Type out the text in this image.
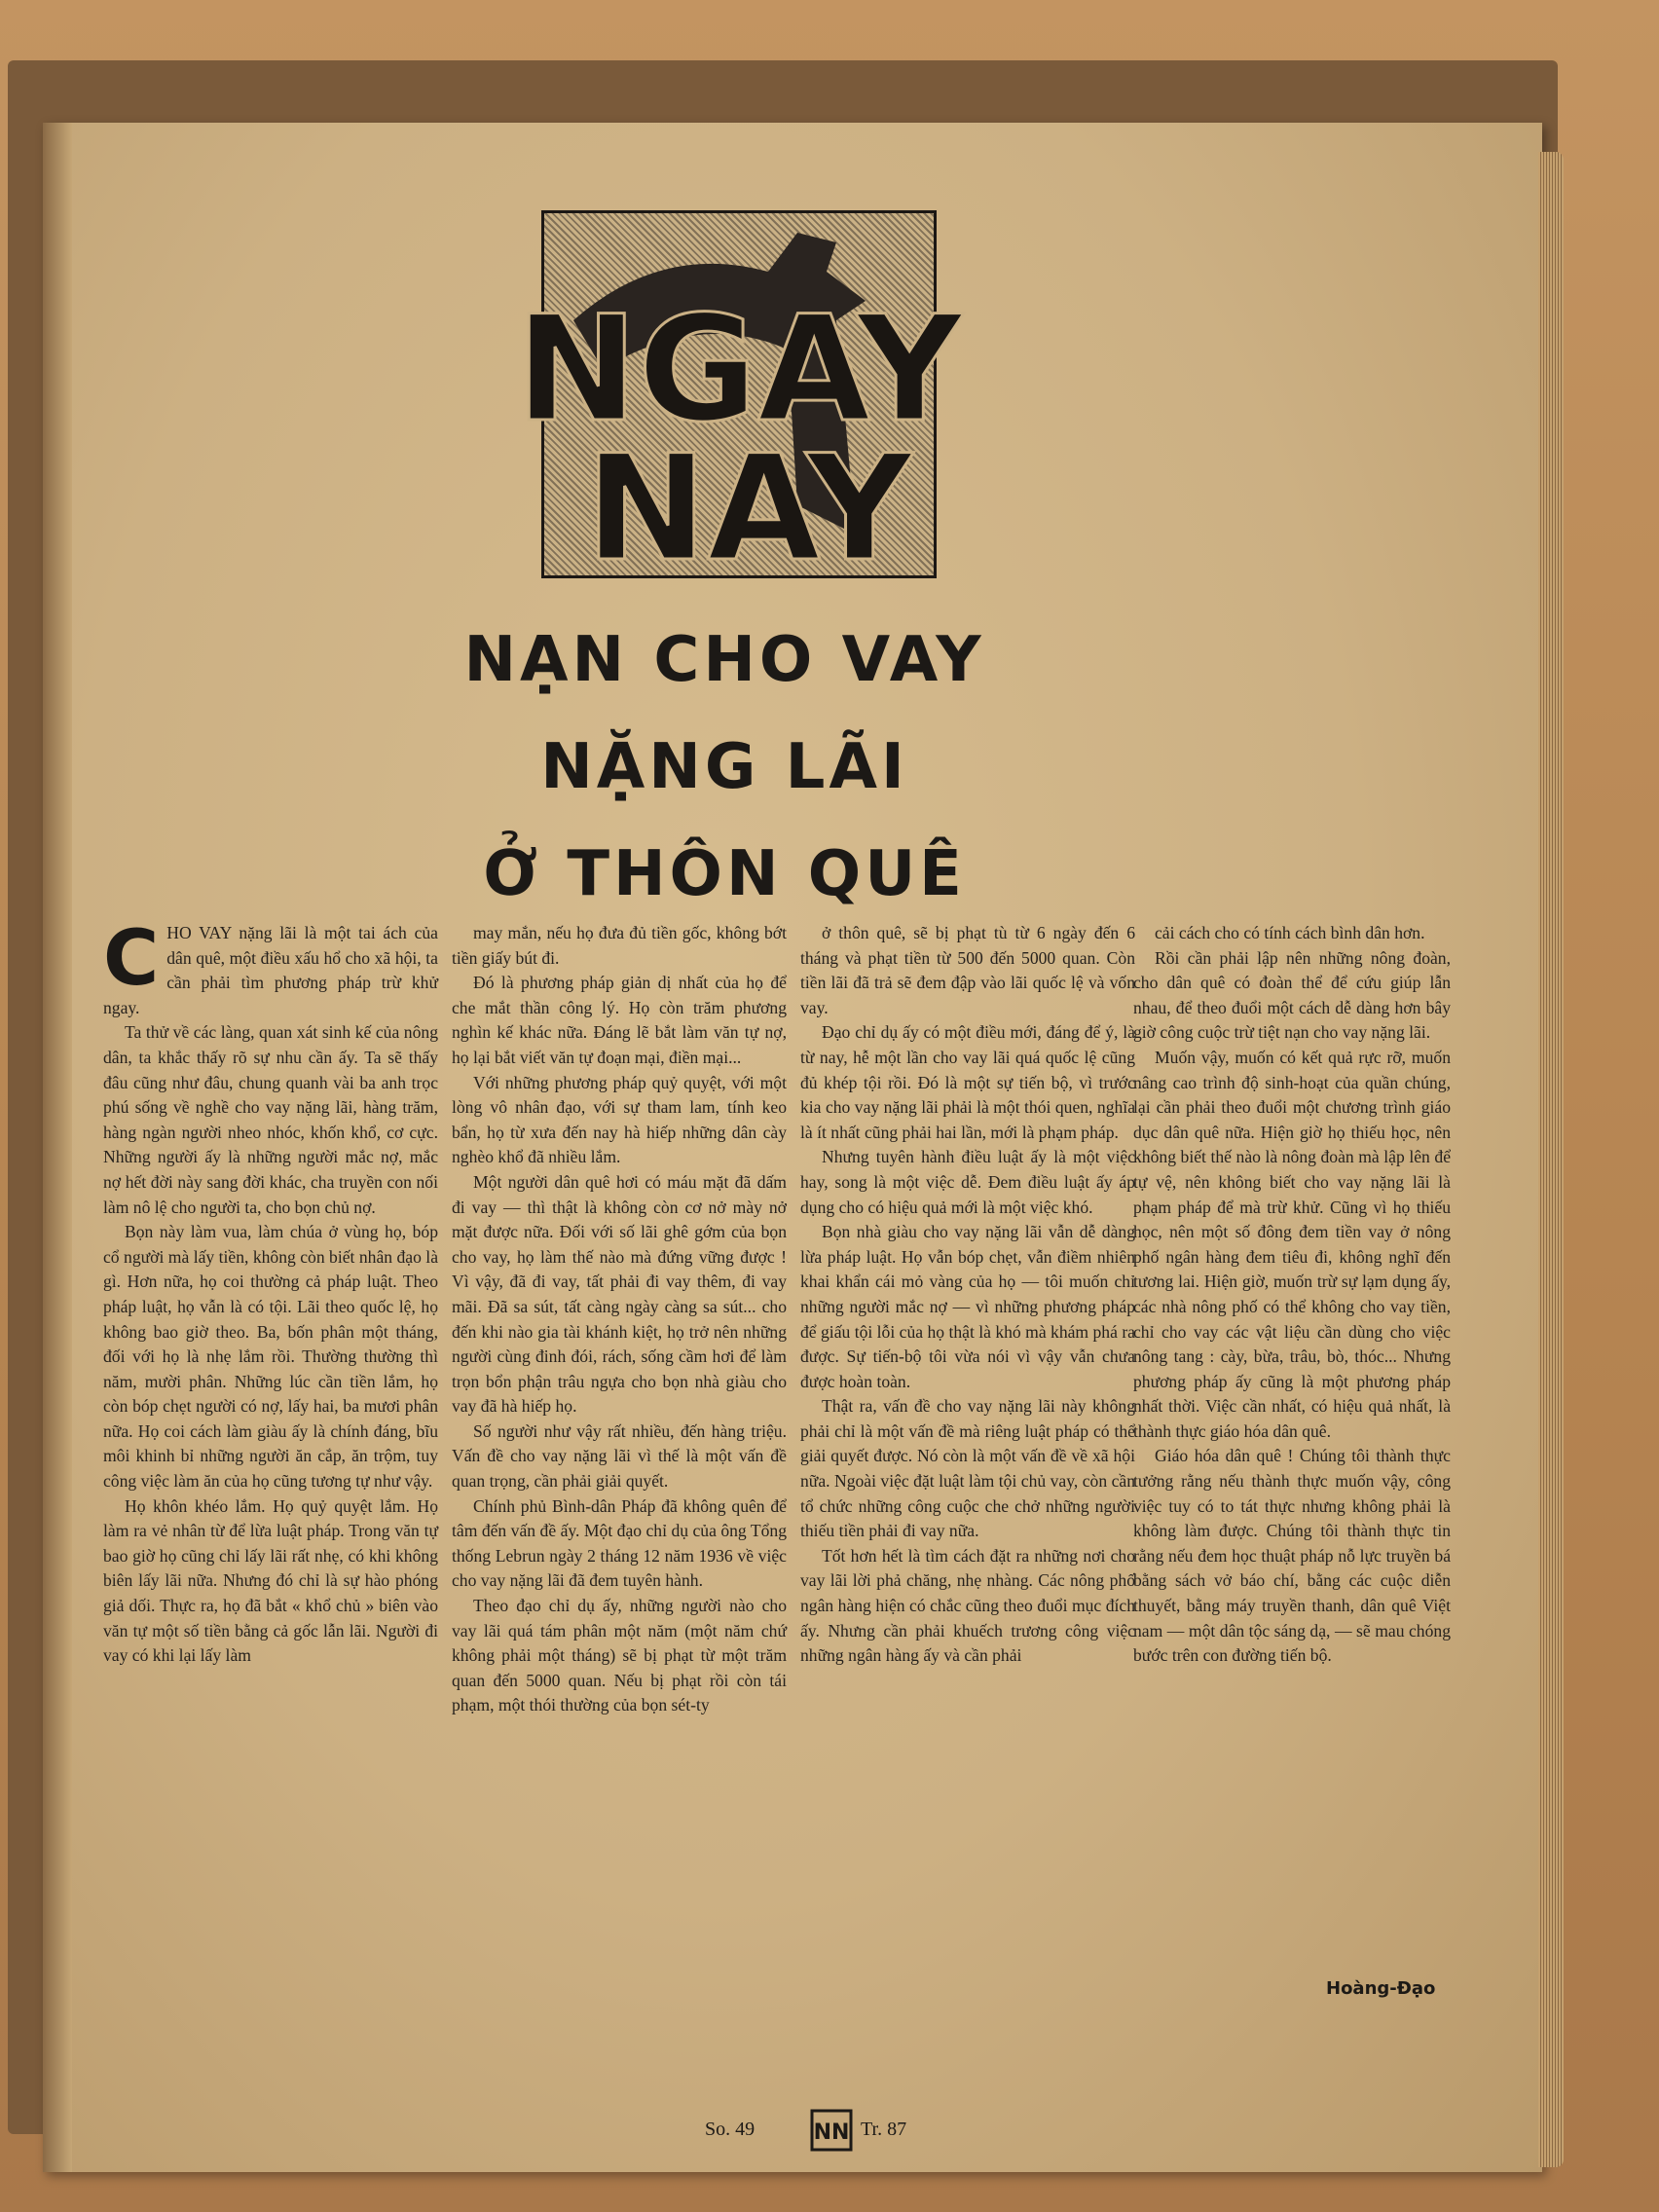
NGAY
NAY
NẠN CHO VAY
NẶNG LÃI
Ở THÔN QUÊ
C HO VAY nặng lãi là một tai ách của dân quê, một điều xấu hổ cho xã hội, ta cần phải tìm phương pháp trừ khử ngay.

Ta thử về các làng, quan xát sinh kế của nông dân, ta khắc thấy rõ sự nhu cần ấy. Ta sẽ thấy đâu cũng như đâu, chung quanh vài ba anh trọc phú sống về nghề cho vay nặng lãi, hàng trăm, hàng ngàn người nheo nhóc, khốn khổ, cơ cực. Những người ấy là những người mắc nợ, mắc nợ hết đời này sang đời khác, cha truyền con nối làm nô lệ cho người ta, cho bọn chủ nợ.

Bọn này làm vua, làm chúa ở vùng họ, bóp cổ người mà lấy tiền, không còn biết nhân đạo là gì. Hơn nữa, họ coi thường cả pháp luật. Theo pháp luật, họ vẫn là có tội. Lãi theo quốc lệ, họ không bao giờ theo. Ba, bốn phân một tháng, đối với họ là nhẹ lắm rồi. Thường thường thì năm, mười phân. Những lúc cần tiền lắm, họ còn bóp chẹt người có nợ, lấy hai, ba mươi phân nữa. Họ coi cách làm giàu ấy là chính đáng, bĩu môi khinh bỉ những người ăn cắp, ăn trộm, tuy công việc làm ăn của họ cũng tương tự như vậy.

Họ khôn khéo lắm. Họ quỷ quyệt lắm. Họ làm ra vẻ nhân từ để lừa luật pháp. Trong văn tự bao giờ họ cũng chỉ lấy lãi rất nhẹ, có khi không biên lấy lãi nữa. Nhưng đó chỉ là sự hào phóng giả dối. Thực ra, họ đã bắt « khổ chủ » biên vào văn tự một số tiền bằng cả gốc lẫn lãi. Người đi vay có khi lại lấy làm

may mắn, nếu họ đưa đủ tiền gốc, không bớt tiền giấy bút đi.

Đó là phương pháp giản dị nhất của họ để che mắt thần công lý. Họ còn trăm phương nghìn kế khác nữa. Đáng lẽ bắt làm văn tự nợ, họ lại bắt viết văn tự đoạn mại, điền mại...

Với những phương pháp quỷ quyệt, với một lòng vô nhân đạo, với sự tham lam, tính keo bẩn, họ từ xưa đến nay hà hiếp những dân cày nghèo khổ đã nhiều lắm.

Một người dân quê hơi có máu mặt đã dấm đi vay — thì thật là không còn cơ nở mày nở mặt được nữa. Đối với số lãi ghê gớm của bọn cho vay, họ làm thế nào mà đứng vững được ! Vì vậy, đã đi vay, tất phải đi vay thêm, đi vay mãi. Đã sa sút, tất càng ngày càng sa sút... cho đến khi nào gia tài khánh kiệt, họ trở nên những người cùng đinh đói, rách, sống cầm hơi để làm trọn bổn phận trâu ngựa cho bọn nhà giàu cho vay đã hà hiếp họ.

Số người như vậy rất nhiều, đến hàng triệu. Vấn đề cho vay nặng lãi vì thế là một vấn đề quan trọng, cần phải giải quyết.

Chính phủ Bình-dân Pháp đã không quên để tâm đến vấn đề ấy. Một đạo chỉ dụ của ông Tổng thống Lebrun ngày 2 tháng 12 năm 1936 về việc cho vay nặng lãi đã đem tuyên hành.

Theo đạo chỉ dụ ấy, những người nào cho vay lãi quá tám phân một năm (một năm chứ không phải một tháng) sẽ bị phạt từ một trăm quan đến 5000 quan. Nếu bị phạt rồi còn tái phạm, một thói thường của bọn sét-ty

ở thôn quê, sẽ bị phạt tù từ 6 ngày đến 6 tháng và phạt tiền từ 500 đến 5000 quan. Còn tiền lãi đã trả sẽ đem đập vào lãi quốc lệ và vốn vay.

Đạo chỉ dụ ấy có một điều mới, đáng để ý, là từ nay, hễ một lần cho vay lãi quá quốc lệ cũng đủ khép tội rồi. Đó là một sự tiến bộ, vì trước kia cho vay nặng lãi phải là một thói quen, nghĩa là ít nhất cũng phải hai lần, mới là phạm pháp.

Nhưng tuyên hành điều luật ấy là một việc hay, song là một việc dễ. Đem điều luật ấy áp dụng cho có hiệu quả mới là một việc khó.

Bọn nhà giàu cho vay nặng lãi vẫn dễ dàng lừa pháp luật. Họ vẫn bóp chẹt, vẫn điềm nhiên khai khẩn cái mỏ vàng của họ — tôi muốn chỉ những người mắc nợ — vì những phương pháp để giấu tội lỗi của họ thật là khó mà khám phá ra được. Sự tiến-bộ tôi vừa nói vì vậy vẫn chưa được hoàn toàn.

Thật ra, vấn đề cho vay nặng lãi này không phải chỉ là một vấn đề mà riêng luật pháp có thể giải quyết được. Nó còn là một vấn đề về xã hội nữa. Ngoài việc đặt luật làm tội chủ vay, còn cần tổ chức những công cuộc che chở những người thiếu tiền phải đi vay nữa.

Tốt hơn hết là tìm cách đặt ra những nơi cho vay lãi lời phả chăng, nhẹ nhàng. Các nông phố ngân hàng hiện có chắc cũng theo đuổi mục đích ấy. Nhưng cần phải khuếch trương công việc những ngân hàng ấy và cần phải

cải cách cho có tính cách bình dân hơn.

Rồi cần phải lập nên những nông đoàn, cho dân quê có đoàn thể để cứu giúp lẫn nhau, để theo đuổi một cách dễ dàng hơn bây giờ công cuộc trừ tiệt nạn cho vay nặng lãi.

Muốn vậy, muốn có kết quả rực rỡ, muốn nâng cao trình độ sinh-hoạt của quần chúng, lại cần phải theo đuổi một chương trình giáo dục dân quê nữa. Hiện giờ họ thiếu học, nên không biết thế nào là nông đoàn mà lập lên để tự vệ, nên không biết cho vay nặng lãi là phạm pháp để mà trừ khử. Cũng vì họ thiếu học, nên một số đông đem tiền vay ở nông phố ngân hàng đem tiêu đi, không nghĩ đến tương lai. Hiện giờ, muốn trừ sự lạm dụng ấy, các nhà nông phố có thể không cho vay tiền, chỉ cho vay các vật liệu cần dùng cho việc nông tang : cày, bừa, trâu, bò, thóc... Nhưng phương pháp ấy cũng là một phương pháp nhất thời. Việc cần nhất, có hiệu quả nhất, là thành thực giáo hóa dân quê.

Giáo hóa dân quê ! Chúng tôi thành thực tưởng rằng nếu thành thực muốn vậy, công việc tuy có to tát thực nhưng không phải là không làm được. Chúng tôi thành thực tin rằng nếu đem học thuật pháp nỗ lực truyền bá bằng sách vở báo chí, bằng các cuộc diễn thuyết, bằng máy truyền thanh, dân quê Việt nam — một dân tộc sáng dạ, — sẽ mau chóng bước trên con đường tiến bộ.

Hoàng-Đạo
So. 49	NN Tr. 87
